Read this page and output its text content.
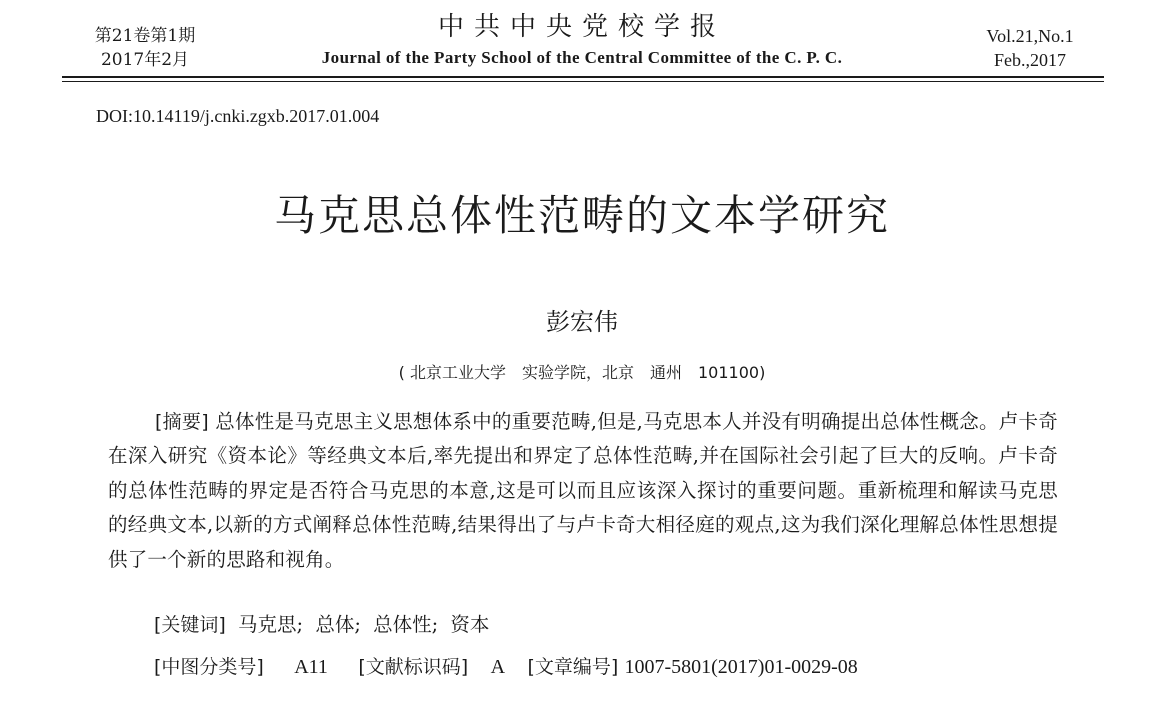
第21卷第1期
2017年2月
中共中央党校学报
Journal of the Party School of the Central Committee of the C. P. C.
Vol.21,No.1
Feb.,2017
DOI:10.14119/j.cnki.zgxb.2017.01.004
马克思总体性范畴的文本学研究
彭宏伟
( 北京工业大学　实验学院，北京　通州　101100)
[摘要] 总体性是马克思主义思想体系中的重要范畴,但是,马克思本人并没有明确提出总体性概念。卢卡奇在深入研究《资本论》等经典文本后,率先提出和界定了总体性范畴,并在国际社会引起了巨大的反响。卢卡奇的总体性范畴的界定是否符合马克思的本意,这是可以而且应该深入探讨的重要问题。重新梳理和解读马克思的经典文本,以新的方式阐释总体性范畴,结果得出了与卢卡奇大相径庭的观点,这为我们深化理解总体性思想提供了一个新的思路和视角。
[关键词] 马克思; 总体; 总体性; 资本
[中图分类号] A11 [文献标识码] A [文章编号] 1007-5801(2017)01-0029-08
